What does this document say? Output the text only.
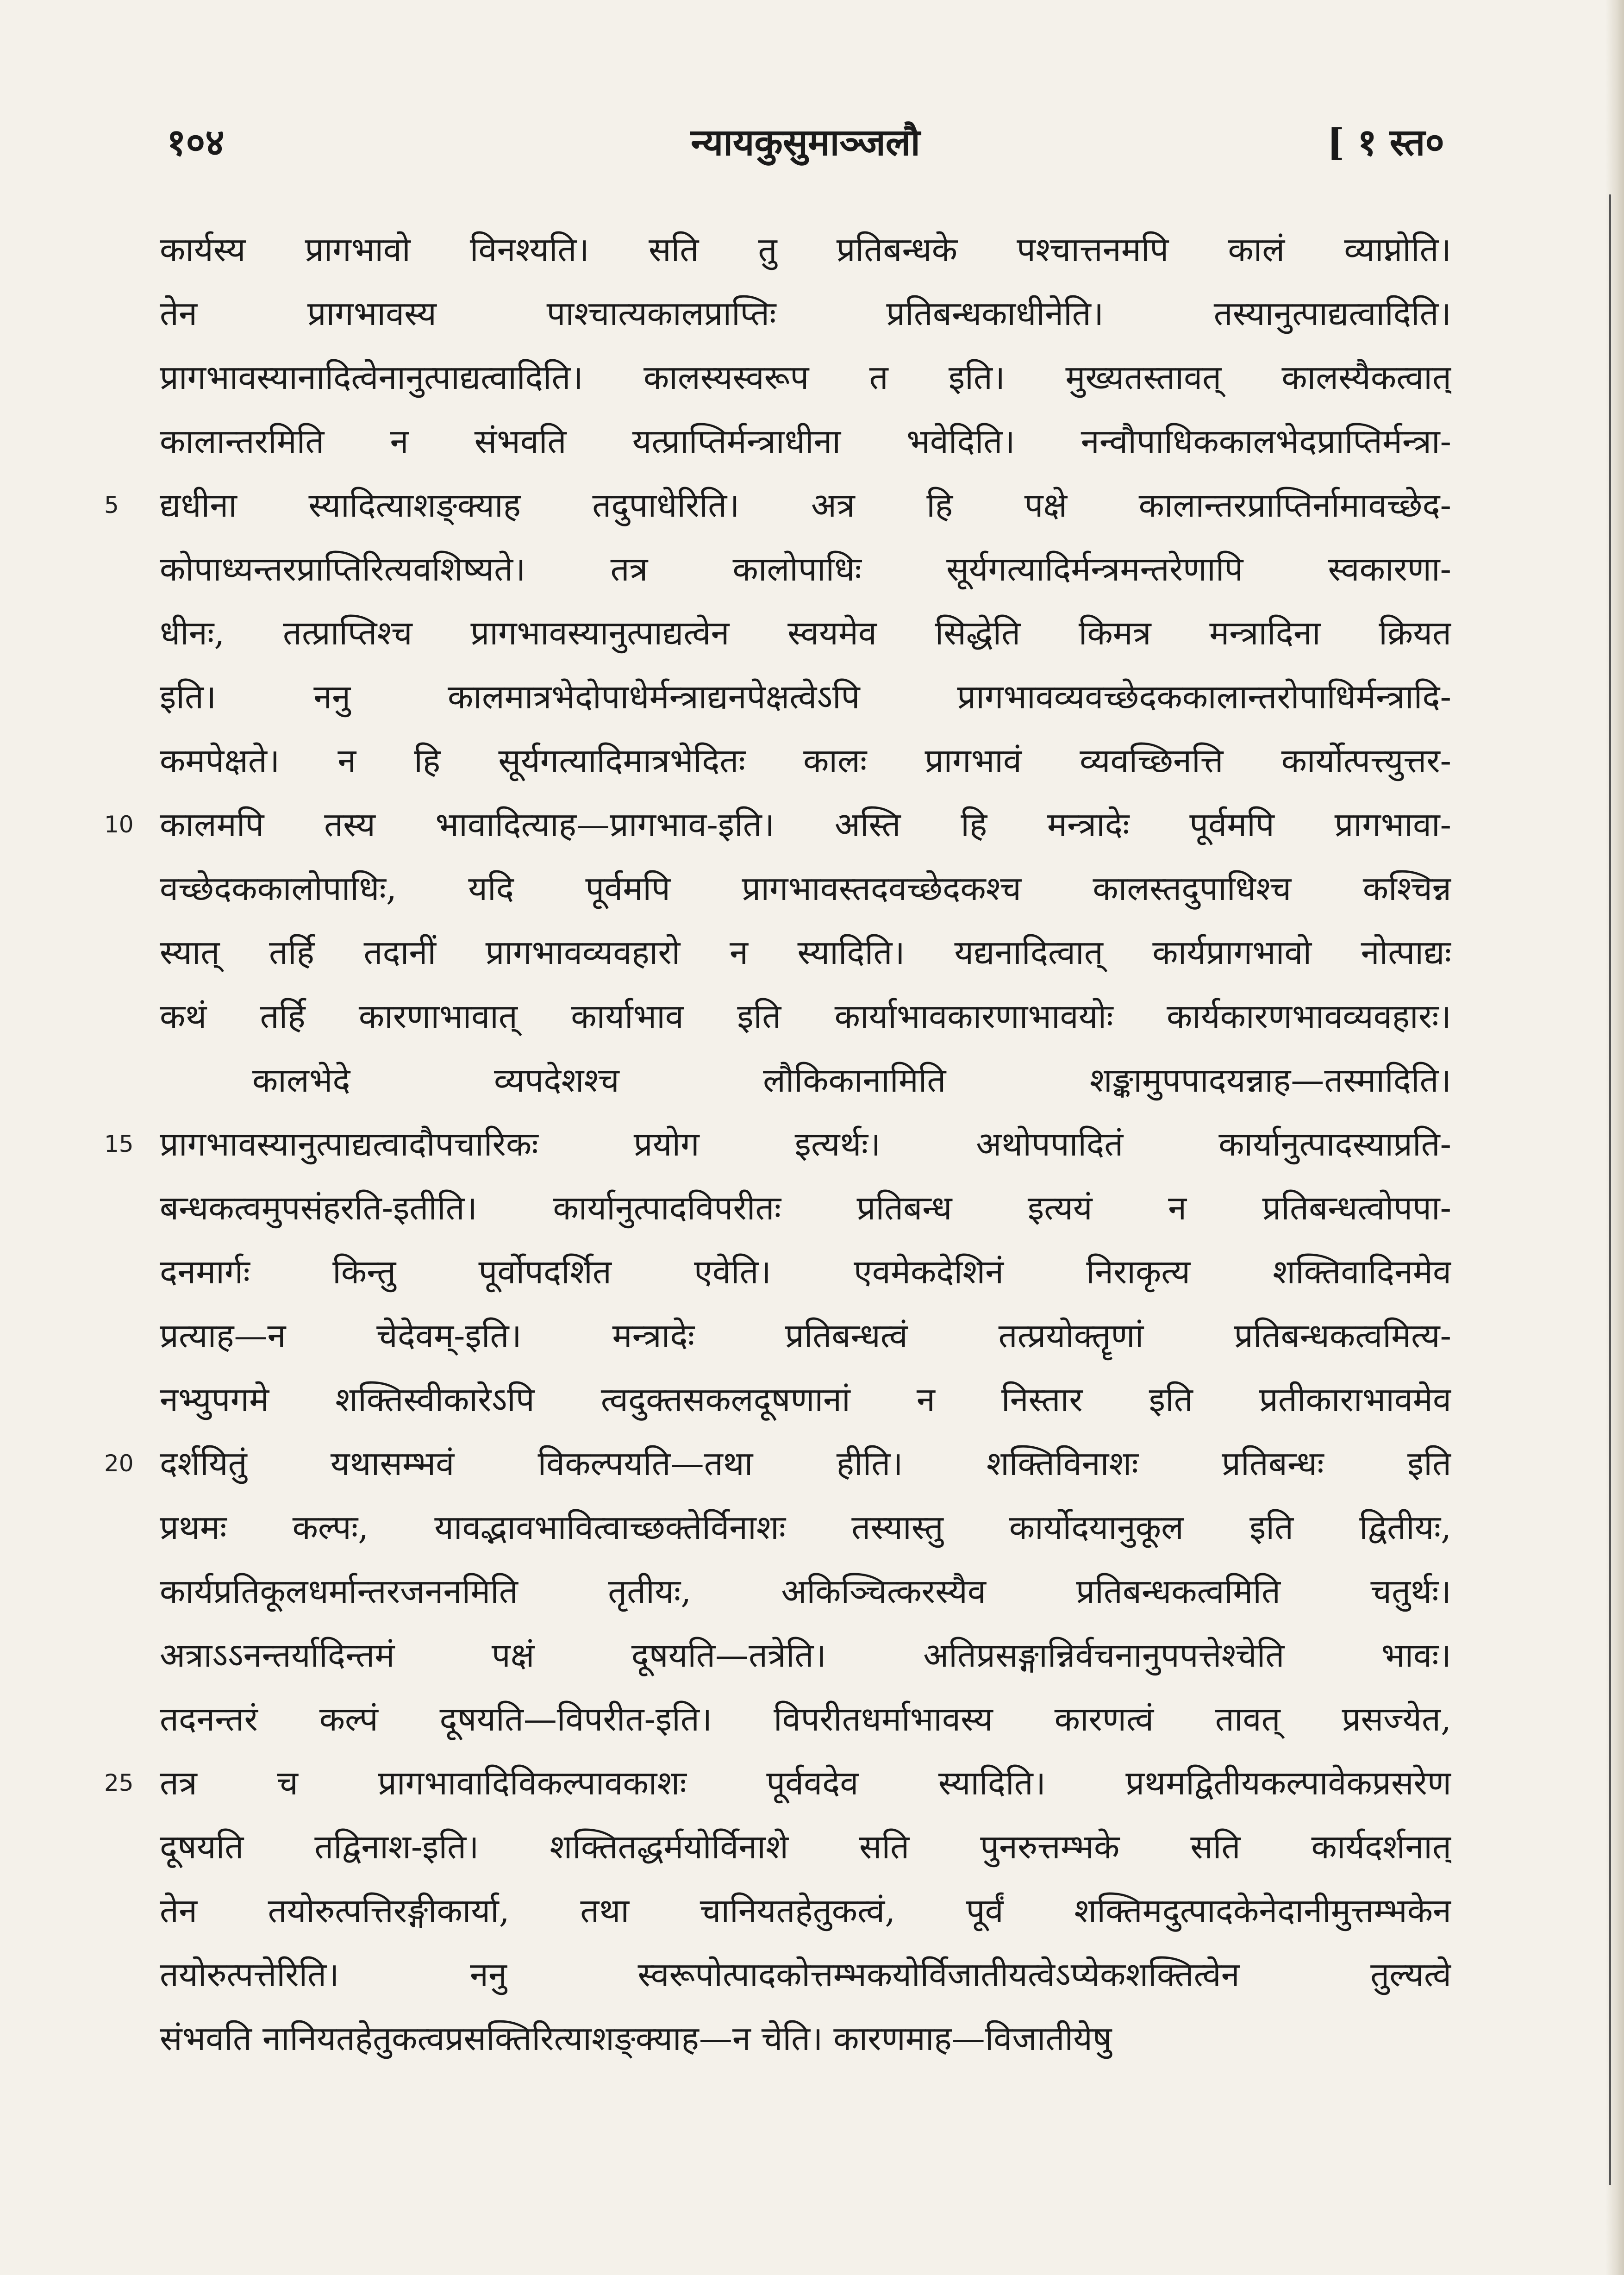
१०४	न्यायकुसुमाञ्जलौ	[ १ स्त०
5
10
15
20
25
कार्यस्य प्रागभावो विनश्यति। सति तु प्रतिबन्धके पश्चात्तनमपि कालं व्याप्नोति।
तेन प्रागभावस्य पाश्चात्यकालप्राप्तिः प्रतिबन्धकाधीनेति। तस्यानुत्पाद्यत्वादिति।
प्रागभावस्यानादित्वेनानुत्पाद्यत्वादिति। कालस्यस्वरूप त इति। मुख्यतस्तावत् कालस्यैकत्वात्
कालान्तरमिति न संभवति यत्प्राप्तिर्मन्त्राधीना भवेदिति। नन्वौपाधिककालभेदप्राप्तिर्मन्त्रा-
द्यधीना स्यादित्याशङ्क्याह तदुपाधेरिति। अत्र हि पक्षे कालान्तरप्राप्तिर्नामावच्छेद-
कोपाध्यन्तरप्राप्तिरित्यवशिष्यते। तत्र कालोपाधिः सूर्यगत्यादिर्मन्त्रमन्तरेणापि स्वकारणा-
धीनः, तत्प्राप्तिश्च प्रागभावस्यानुत्पाद्यत्वेन स्वयमेव सिद्धेति किमत्र मन्त्रादिना क्रियत
इति। ननु कालमात्रभेदोपाधेर्मन्त्राद्यनपेक्षत्वेऽपि प्रागभावव्यवच्छेदककालान्तरोपाधिर्मन्त्रादि-
कमपेक्षते। न हि सूर्यगत्यादिमात्रभेदितः कालः प्रागभावं व्यवच्छिनत्ति कार्योत्पत्त्युत्तर-
कालमपि तस्य भावादित्याह—प्रागभाव-इति। अस्ति हि मन्त्रादेः पूर्वमपि प्रागभावा-
वच्छेदककालोपाधिः, यदि पूर्वमपि प्रागभावस्तदवच्छेदकश्च कालस्तदुपाधिश्च कश्चिन्न
स्यात् तर्हि तदानीं प्रागभावव्यवहारो न स्यादिति। यद्यनादित्वात् कार्यप्रागभावो नोत्पाद्यः
कथं तर्हि कारणाभावात् कार्याभाव इति कार्याभावकारणाभावयोः कार्यकारणभावव्यवहारः।
कालभेदे व्यपदेशश्च लौकिकानामिति शङ्कामुपपादयन्नाह—तस्मादिति।
प्रागभावस्यानुत्पाद्यत्वादौपचारिकः प्रयोग इत्यर्थः। अथोपपादितं कार्यानुत्पादस्याप्रति-
बन्धकत्वमुपसंहरति-इतीति। कार्यानुत्पादविपरीतः प्रतिबन्ध इत्ययं न प्रतिबन्धत्वोपपा-
दनमार्गः किन्तु पूर्वोपदर्शित एवेति। एवमेकदेशिनं निराकृत्य शक्तिवादिनमेव
प्रत्याह—न चेदेवम्-इति। मन्त्रादेः प्रतिबन्धत्वं तत्प्रयोक्तॄणां प्रतिबन्धकत्वमित्य-
नभ्युपगमे शक्तिस्वीकारेऽपि त्वदुक्तसकलदूषणानां न निस्तार इति प्रतीकाराभावमेव
दर्शयितुं यथासम्भवं विकल्पयति—तथा हीति। शक्तिविनाशः प्रतिबन्धः इति
प्रथमः कल्पः, यावद्भावभावित्वाच्छक्तेर्विनाशः तस्यास्तु कार्योदयानुकूल इति द्वितीयः,
कार्यप्रतिकूलधर्मान्तरजननमिति तृतीयः, अकिञ्चित्करस्यैव प्रतिबन्धकत्वमिति चतुर्थः।
अत्राऽऽनन्तर्यादिन्तमं पक्षं दूषयति—तत्रेति। अतिप्रसङ्गान्निर्वचनानुपपत्तेश्चेति भावः।
तदनन्तरं कल्पं दूषयति—विपरीत-इति। विपरीतधर्माभावस्य कारणत्वं तावत् प्रसज्येत,
तत्र च प्रागभावादिविकल्पावकाशः पूर्ववदेव स्यादिति। प्रथमद्वितीयकल्पावेकप्रसरेण
दूषयति तद्विनाश-इति। शक्तितद्धर्मयोर्विनाशे सति पुनरुत्तम्भके सति कार्यदर्शनात्
तेन तयोरुत्पत्तिरङ्गीकार्या, तथा चानियतहेतुकत्वं, पूर्वं शक्तिमदुत्पादकेनेदानीमुत्तम्भकेन
तयोरुत्पत्तेरिति। ननु स्वरूपोत्पादकोत्तम्भकयोर्विजातीयत्वेऽप्येकशक्तित्वेन तुल्यत्वे
संभवति नानियतहेतुकत्वप्रसक्तिरित्याशङ्क्याह—न चेति। कारणमाह—विजातीयेषु
